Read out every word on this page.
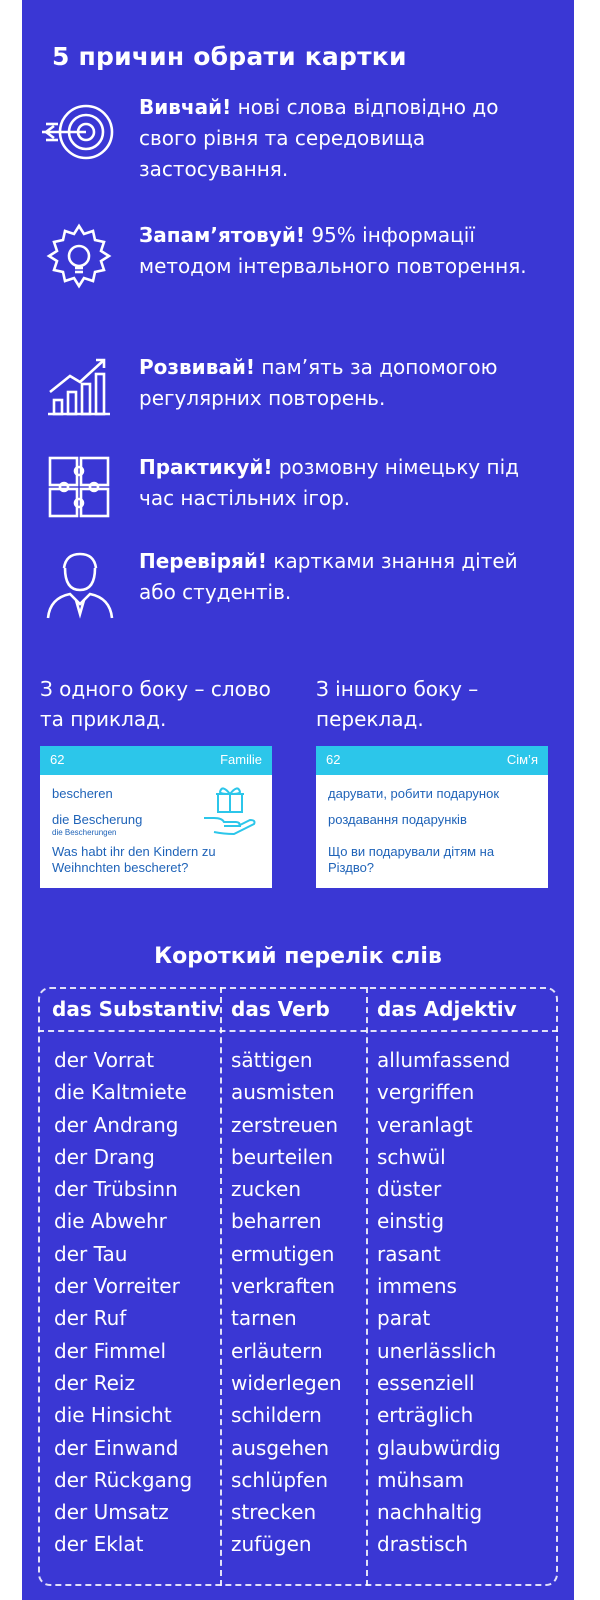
5 причин обрати картки

Вивчай! нові слова відповідно до свого рівня та середовища застосування.

Запам’ятовуй! 95% інформації методом інтервального повторення.

Розвивай! пам’ять за допомогою регулярних повторень.

Практикуй! розмовну німецьку під час настільних ігор.

Перевіряй! картками знання дітей або студентів.

З одного боку – слово та приклад.

З іншого боку – переклад.

62	Familie
bescheren
die Bescherung
die Bescherungen
Was habt ihr den Kindern zu Weihnchten bescheret?
62	Сім’я
дарувати, робити подарунок
роздавання подарунків
Що ви подарували дітям на Різдво?
Короткий перелік слів

das Substantiv das Verb das Adjektiv

der Vorrat
die Kaltmiete
der Andrang
der Drang
der Trübsinn
die Abwehr
der Tau
der Vorreiter
der Ruf
der Fimmel
der Reiz
die Hinsicht
der Einwand
der Rückgang
der Umsatz
der Eklat
sättigen
ausmisten
zerstreuen
beurteilen
zucken
beharren
ermutigen
verkraften
tarnen
erläutern
widerlegen
schildern
ausgehen
schlüpfen
strecken
zufügen
allumfassend
vergriffen
veranlagt
schwül
düster
einstig
rasant
immens
parat
unerlässlich
essenziell
erträglich
glaubwürdig
mühsam
nachhaltig
drastisch
